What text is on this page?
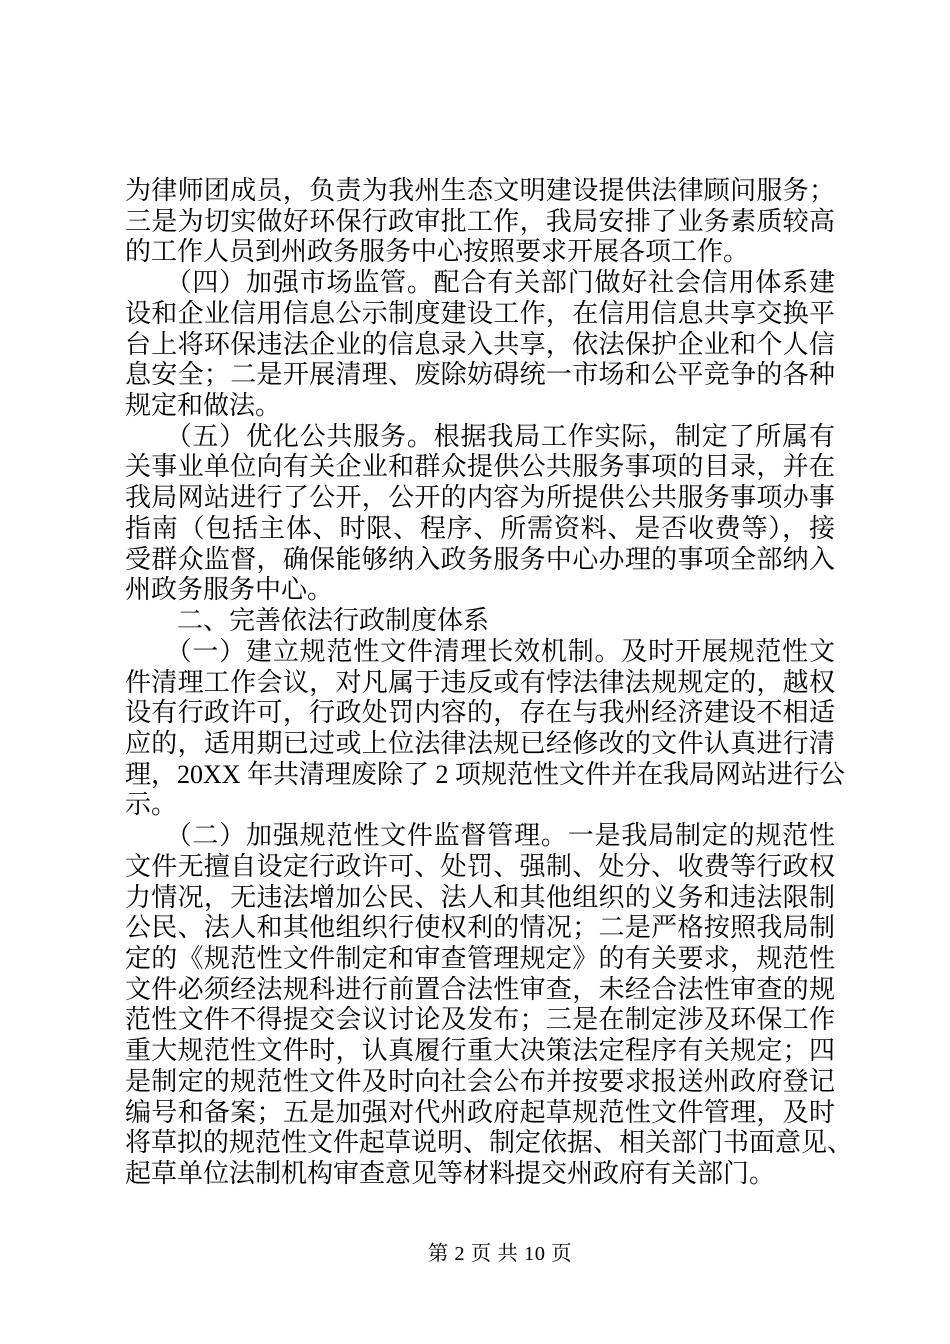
为律师团成员，负责为我州生态文明建设提供法律顾问服务；
三是为切实做好环保行政审批工作，我局安排了业务素质较高
的工作人员到州政务服务中心按照要求开展各项工作。
　　（四）加强市场监管。配合有关部门做好社会信用体系建
设和企业信用信息公示制度建设工作，在信用信息共享交换平
台上将环保违法企业的信息录入共享，依法保护企业和个人信
息安全；二是开展清理、废除妨碍统一市场和公平竞争的各种
规定和做法。
　　（五）优化公共服务。根据我局工作实际，制定了所属有
关事业单位向有关企业和群众提供公共服务事项的目录，并在
我局网站进行了公开，公开的内容为所提供公共服务事项办事
指南（包括主体、时限、程序、所需资料、是否收费等），接
受群众监督，确保能够纳入政务服务中心办理的事项全部纳入
州政务服务中心。
　　二、完善依法行政制度体系
　　（一）建立规范性文件清理长效机制。及时开展规范性文
件清理工作会议，对凡属于违反或有悖法律法规规定的，越权
设有行政许可，行政处罚内容的，存在与我州经济建设不相适
应的，适用期已过或上位法律法规已经修改的文件认真进行清
理，20XX 年共清理废除了 2 项规范性文件并在我局网站进行公
示。
　　（二）加强规范性文件监督管理。一是我局制定的规范性
文件无擅自设定行政许可、处罚、强制、处分、收费等行政权
力情况，无违法增加公民、法人和其他组织的义务和违法限制
公民、法人和其他组织行使权利的情况；二是严格按照我局制
定的《规范性文件制定和审查管理规定》的有关要求，规范性
文件必须经法规科进行前置合法性审查，未经合法性审查的规
范性文件不得提交会议讨论及发布；三是在制定涉及环保工作
重大规范性文件时，认真履行重大决策法定程序有关规定；四
是制定的规范性文件及时向社会公布并按要求报送州政府登记
编号和备案；五是加强对代州政府起草规范性文件管理，及时
将草拟的规范性文件起草说明、制定依据、相关部门书面意见、
起草单位法制机构审查意见等材料提交州政府有关部门。
第 2 页 共 10 页
